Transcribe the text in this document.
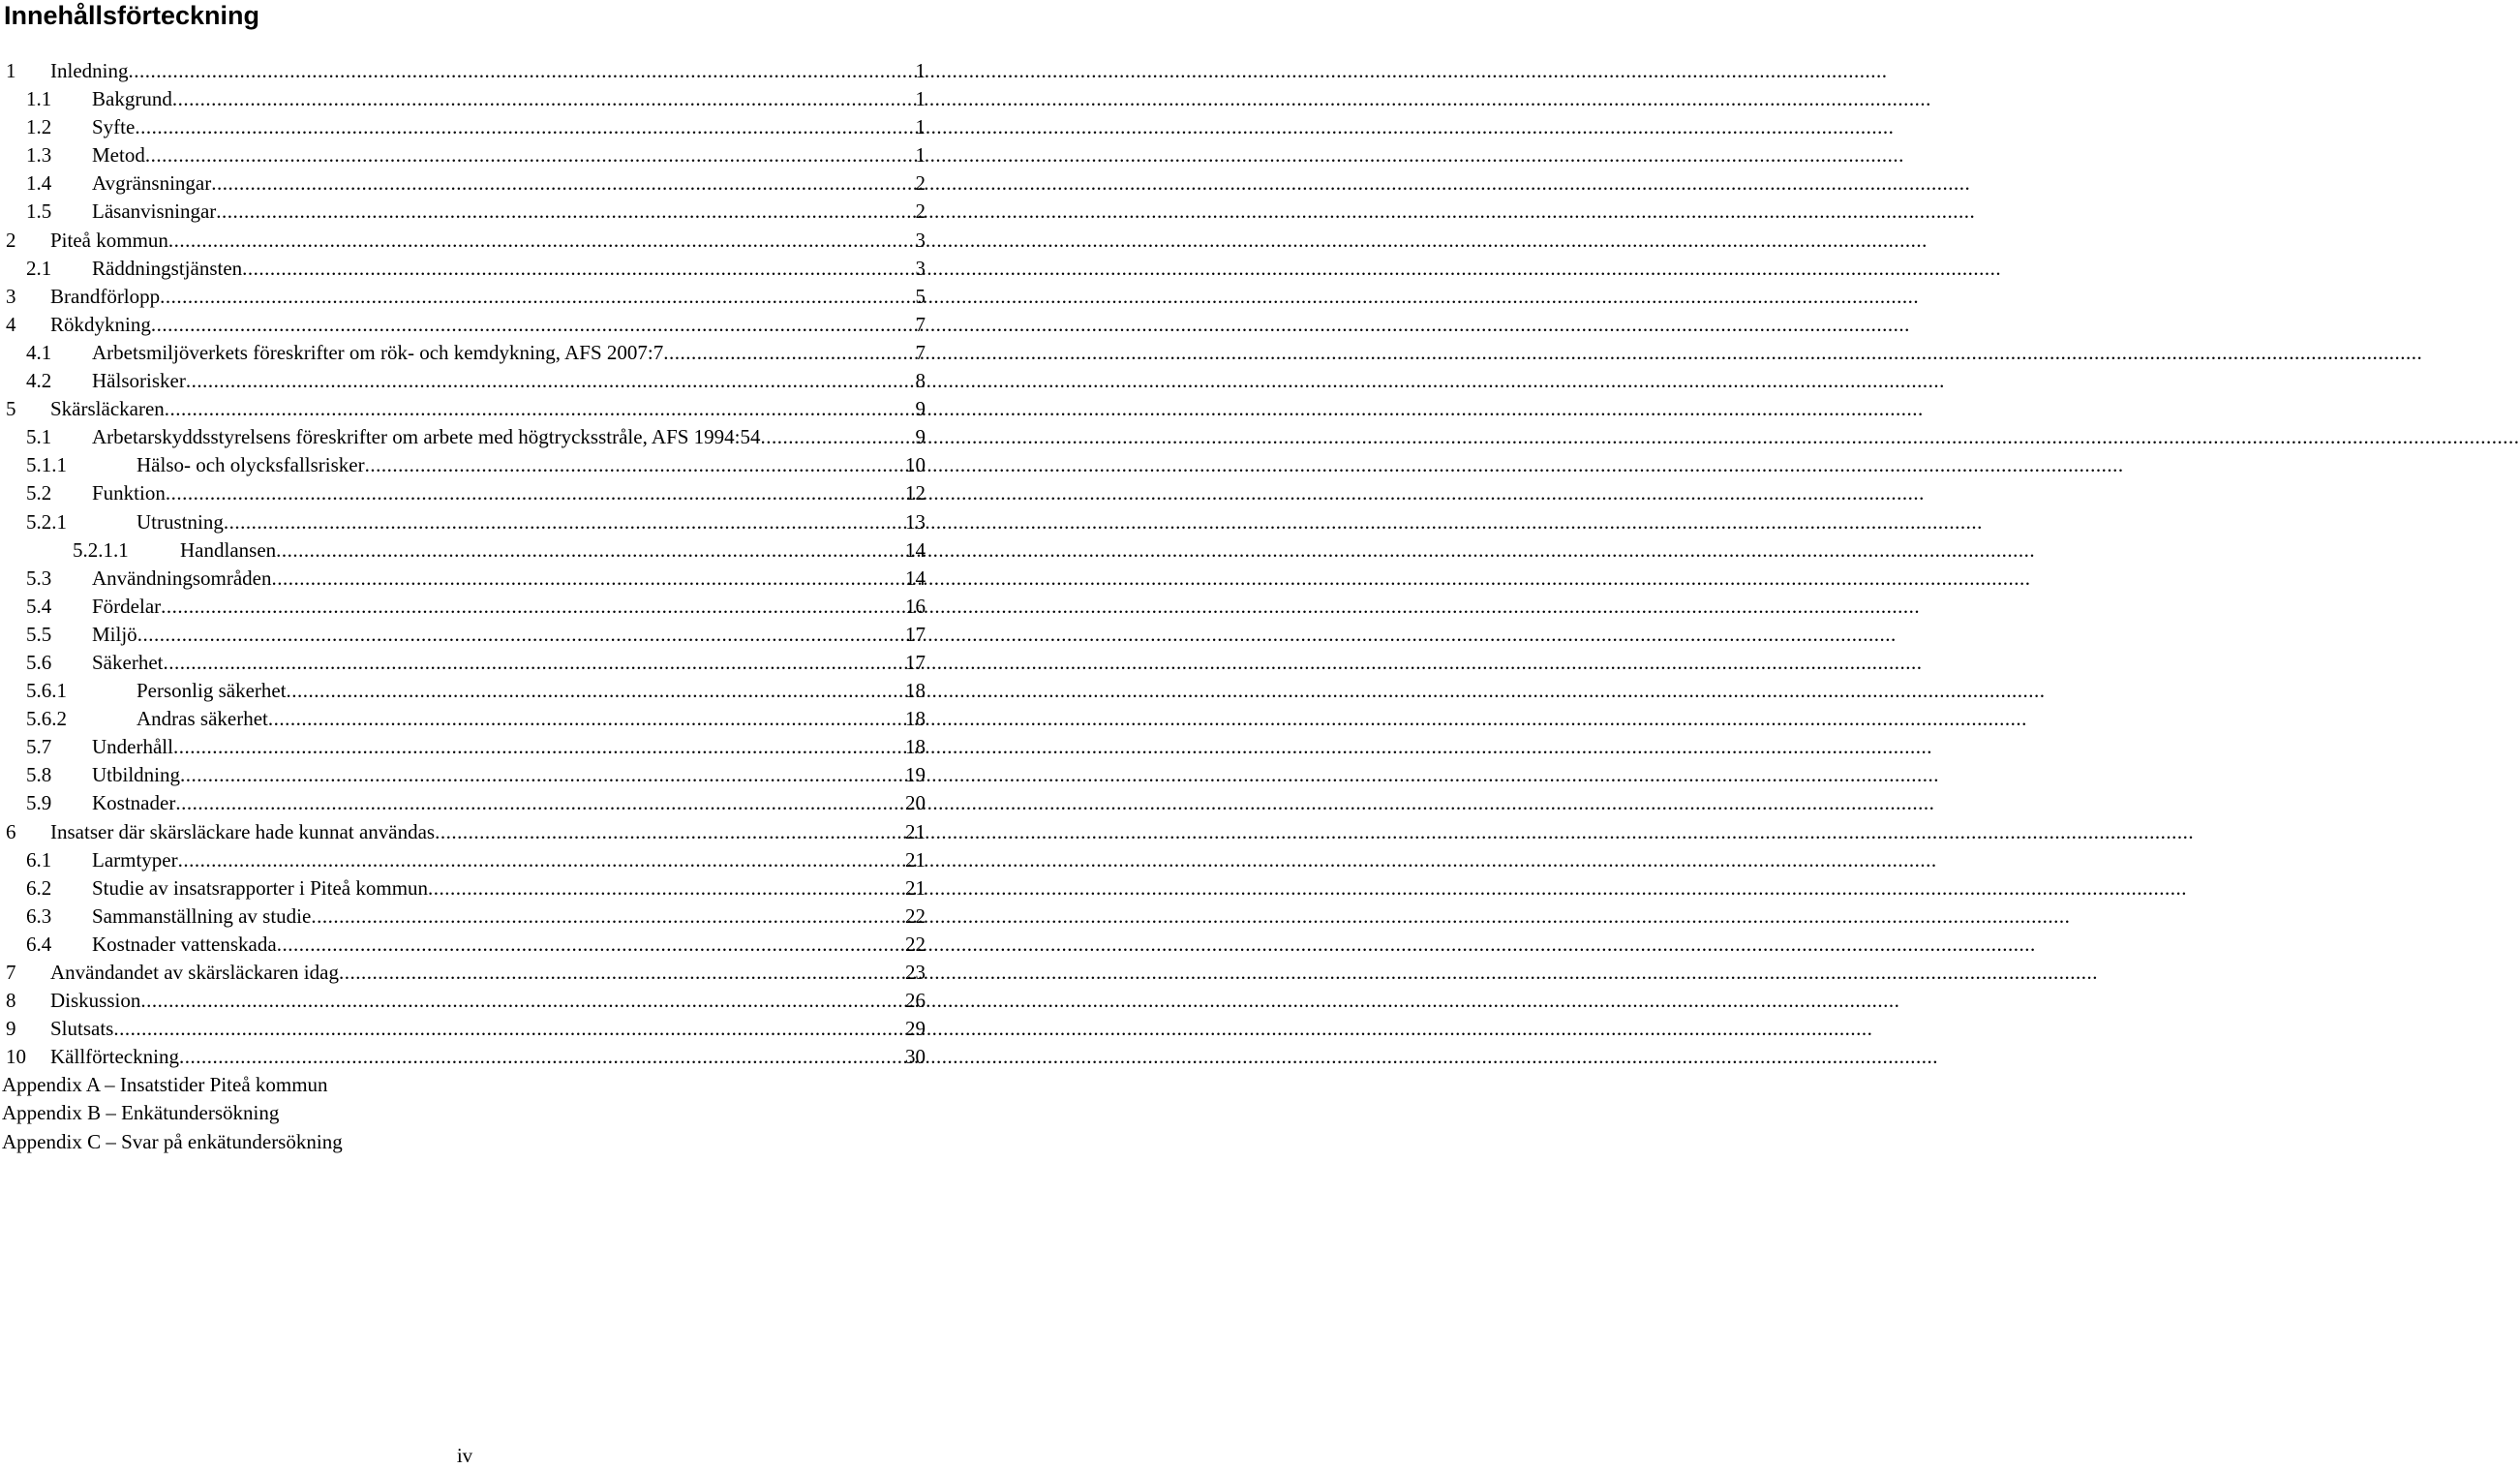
Innehållsförteckning
1 Inledning .....	1
1.1 Bakgrund .....	1
1.2 Syfte .....	1
1.3 Metod .....	1
1.4 Avgränsningar .....	2
1.5 Läsanvisningar .....	2
2 Piteå kommun .....	3
2.1 Räddningstjänsten .....	3
3 Brandförlopp .....	5
4 Rökdykning .....	7
4.1 Arbetsmiljöverkets föreskrifter om rök- och kemdykning, AFS 2007:7 .....	7
4.2 Hälsorisker .....	8
5 Skärsläckaren .....	9
5.1 Arbetarskyddsstyrelsens föreskrifter om arbete med högtrycksstråle, AFS 1994:54 .....	9
5.1.1	Hälso- och olycksfallsrisker .....	10
5.2 Funktion .....	12
5.2.1	Utrustning .....	13
5.2.1.1	Handlansen .....	14
5.3 Användningsområden .....	14
5.4 Fördelar .....	16
5.5 Miljö .....	17
5.6 Säkerhet .....	17
5.6.1	Personlig säkerhet .....	18
5.6.2	Andras säkerhet .....	18
5.7 Underhåll .....	18
5.8 Utbildning .....	19
5.9 Kostnader .....	20
6 Insatser där skärsläckare hade kunnat användas .....	21
6.1 Larmtyper .....	21
6.2 Studie av insatsrapporter i Piteå kommun .....	21
6.3 Sammanställning av studie .....	22
6.4 Kostnader vattenskada .....	22
7 Användandet av skärsläckaren idag .....	23
8 Diskussion .....	26
9 Slutsats .....	29
10 Källförteckning .....	30
Appendix A – Insatstider Piteå kommun
Appendix B – Enkätundersökning
Appendix C – Svar på enkätundersökning
iv
